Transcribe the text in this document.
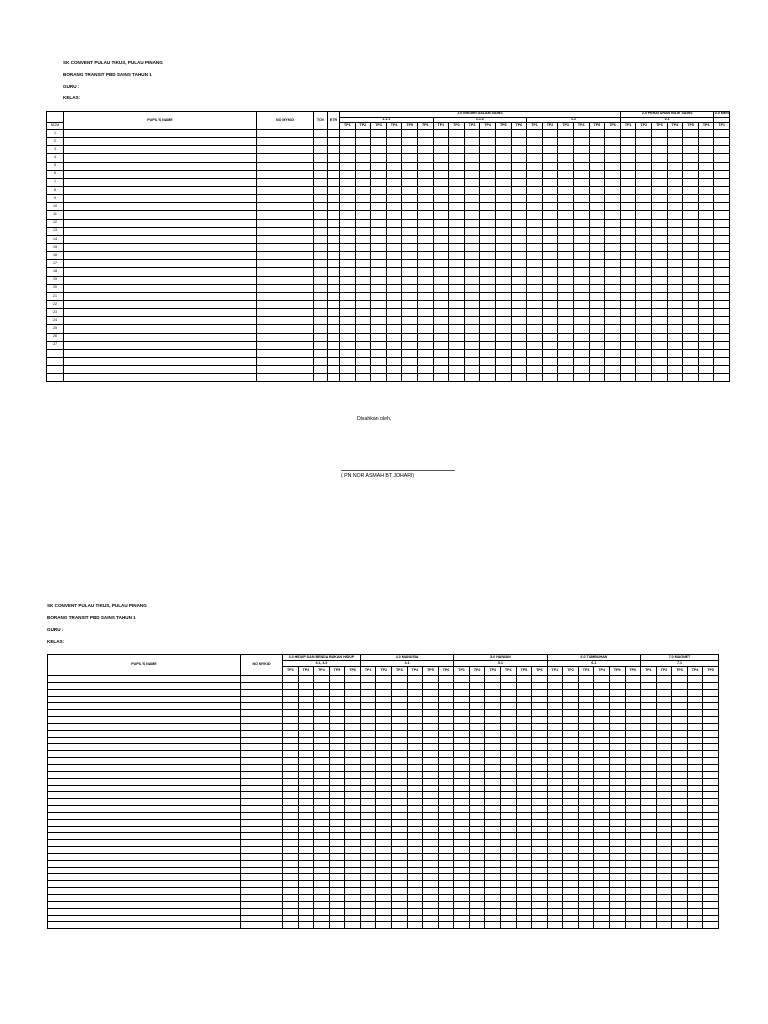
SK CONVENT PULAU TIKUS, PULAU PINANG
BORANG TRANSIT PBD SAINS TAHUN 1
GURU :
KELAS:
	PUPIL'S NAME	NO MYKID	TOV	ETR	1.0 INKUIRI DALAM SAINS																		2.0 PERATURAN BILIK SAINS						3.0 MEN
					1.1.1						1.1.2						1.2						2.1						
NOM					TP1	TP2	TP3	TP4	TP5	TP6	TP1	TP2	TP3	TP4	TP5	TP6	TP1	TP2	TP3	TP4	TP5	TP6	TP1	TP2	TP3	TP4	TP5	TP6	TP1
1																													
2																													
3																													
4																													
5																													
6																													
7																													
8																													
9																													
10																													
11																													
12																													
13																													
14																													
15																													
16																													
17																													
18																													
19																													
20																													
21																													
22																													
23																													
24																													
25																													
26																													
27																													

Disahkan oleh,
( PN NOR ASMAH BT JOHARI)
SK CONVENT PULAU TIKUS, PULAU PINANG
BORANG TRANSIT PBD SAINS TAHUN 1
GURU :
KELAS:
PUPIL'S NAME	NO MYKID	3.0 HIDUP DAN BENDA BUKAN HIDUP					4.0 MANUSIA						5.0 HAIWAN						6.0 TUMBUHAN						7.0 MAGNET				
		3.1, 3.2					4.1						5.1						6.1						7.1				
		TP2	TP3	TP4	TP5	TP6	TP1	TP2	TP3	TP4	TP5	TP6	TP1	TP2	TP3	TP4	TP5	TP6	TP1	TP2	TP3	TP4	TP5	TP6	TP1	TP2	TP3	TP4	TP5
